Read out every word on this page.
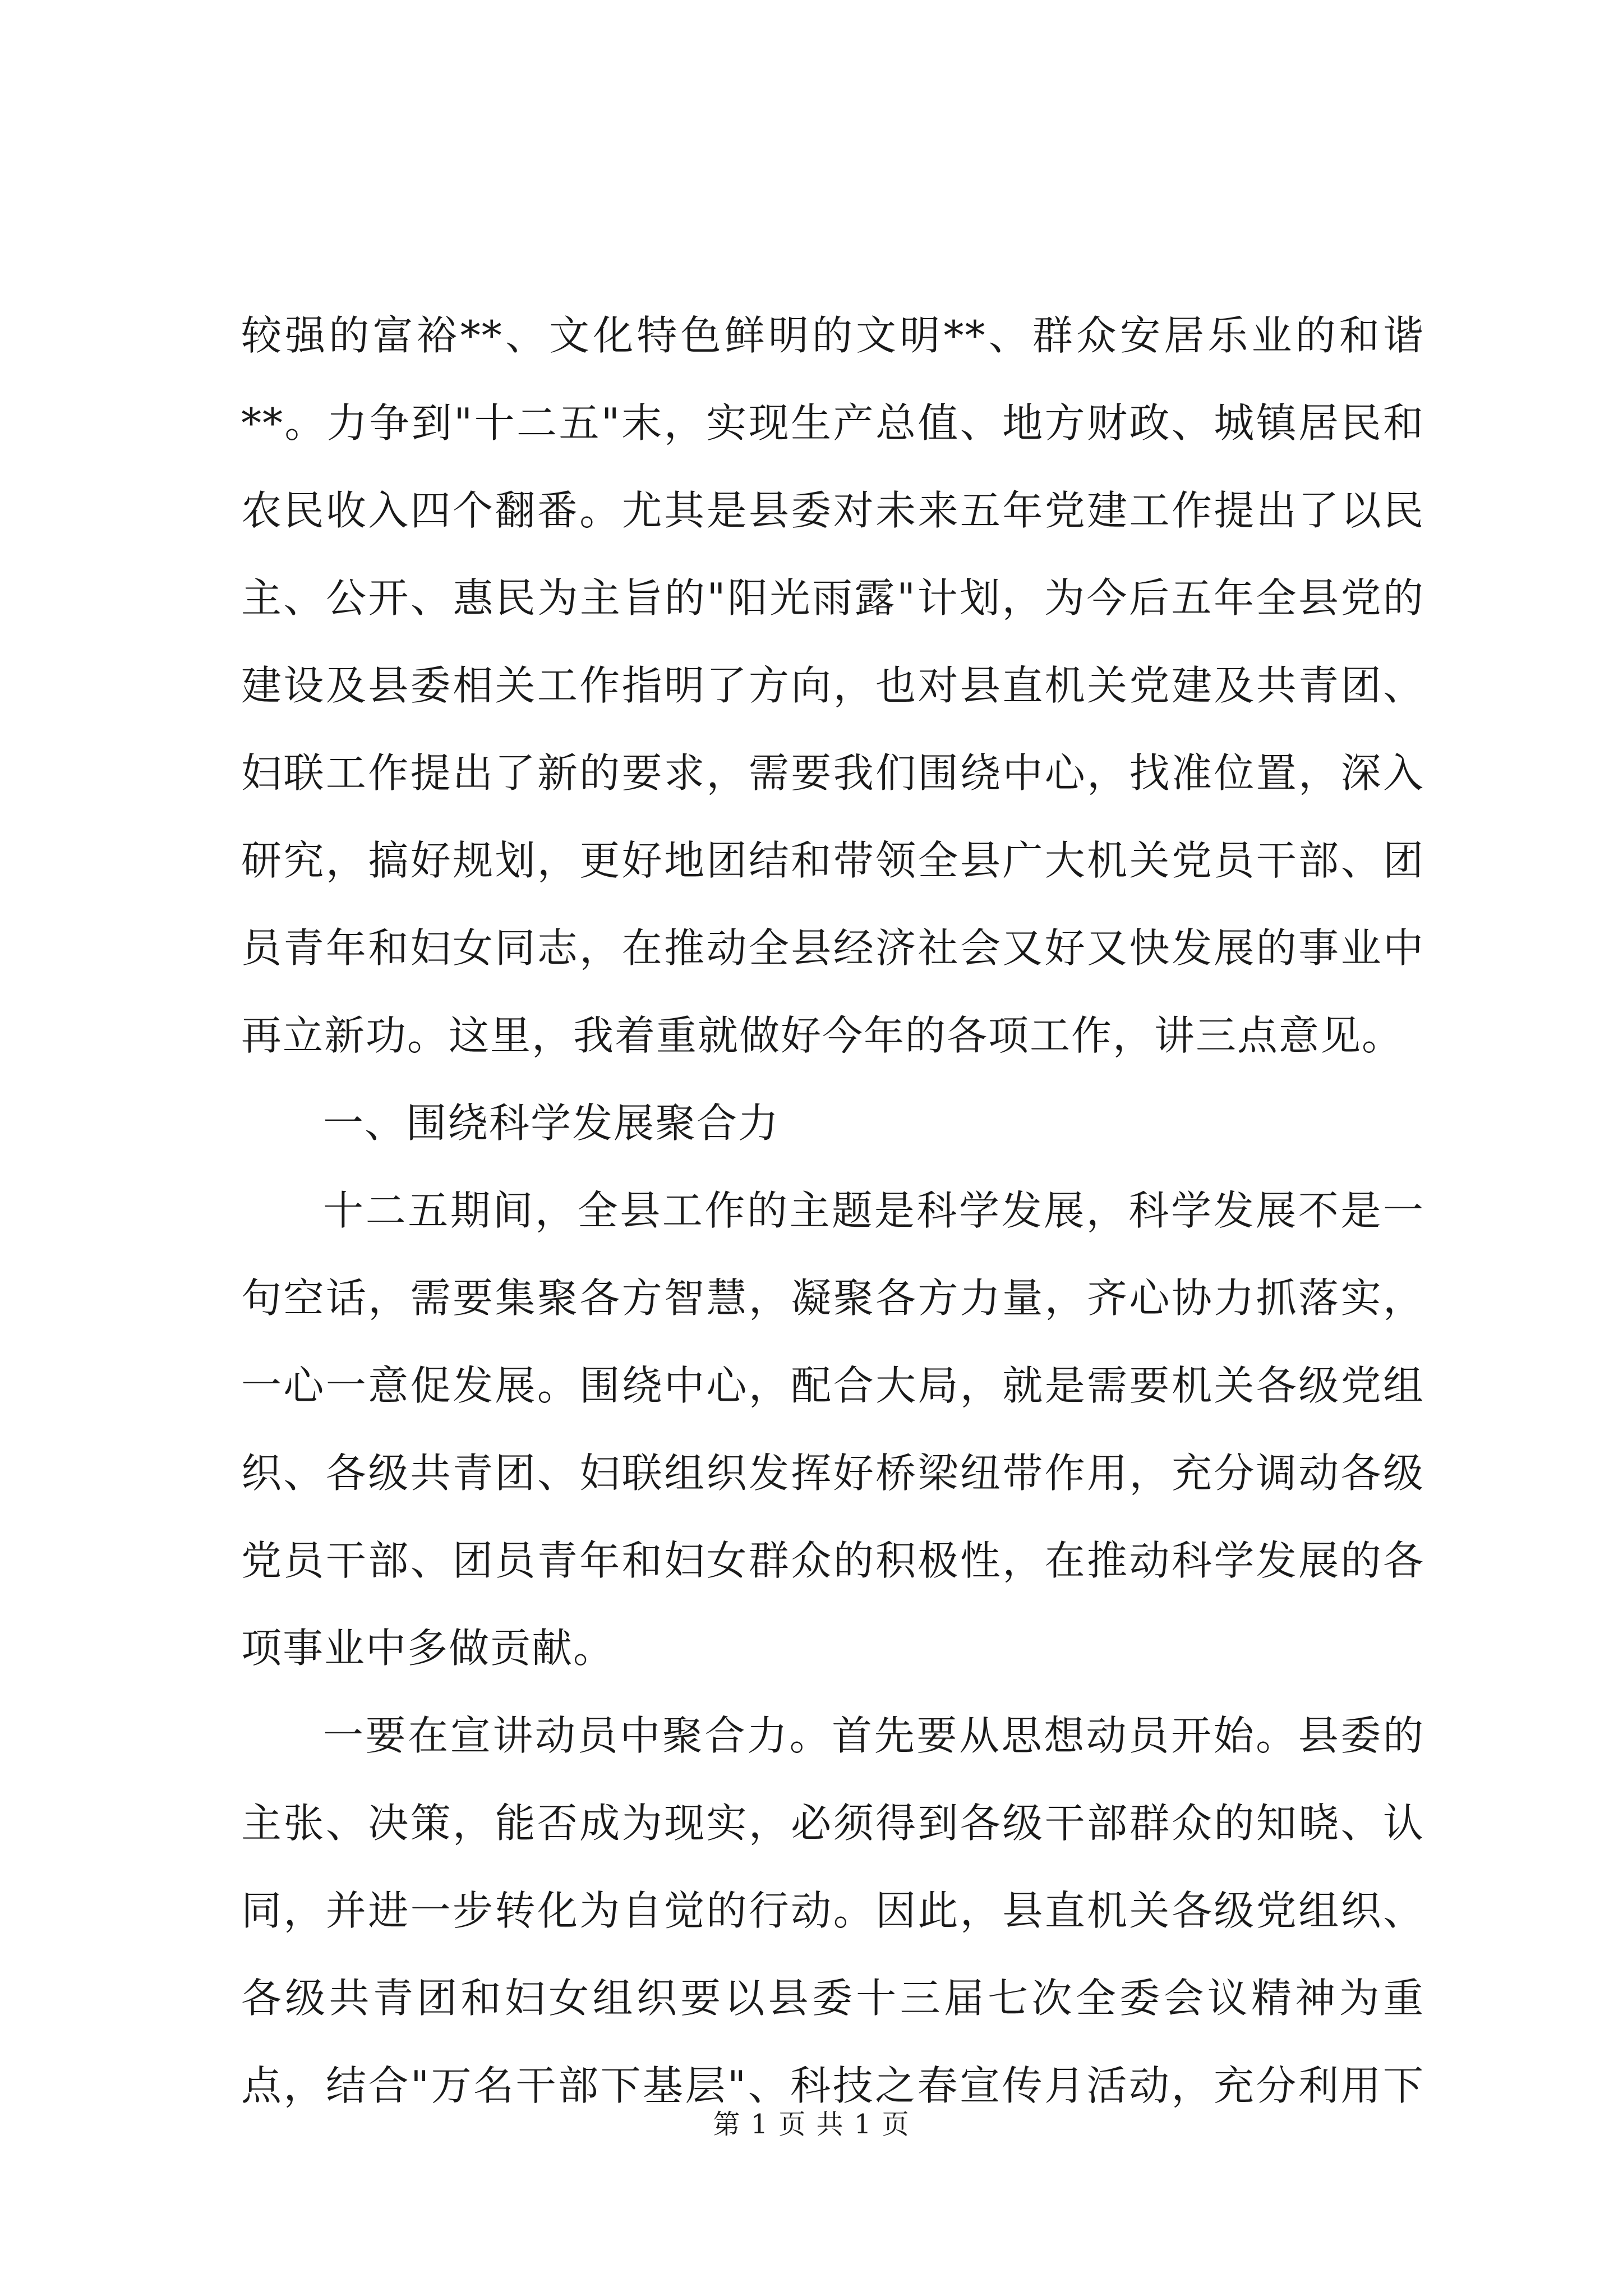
较强的富裕**、文化特色鲜明的文明**、群众安居乐业的和谐
**。力争到"十二五"末，实现生产总值、地方财政、城镇居民和
农民收入四个翻番。尤其是县委对未来五年党建工作提出了以民
主、公开、惠民为主旨的"阳光雨露"计划，为今后五年全县党的
建设及县委相关工作指明了方向，也对县直机关党建及共青团、
妇联工作提出了新的要求，需要我们围绕中心，找准位置，深入
研究，搞好规划，更好地团结和带领全县广大机关党员干部、团
员青年和妇女同志，在推动全县经济社会又好又快发展的事业中
再立新功。这里，我着重就做好今年的各项工作，讲三点意见。
一、围绕科学发展聚合力
十二五期间，全县工作的主题是科学发展，科学发展不是一
句空话，需要集聚各方智慧，凝聚各方力量，齐心协力抓落实，
一心一意促发展。围绕中心，配合大局，就是需要机关各级党组
织、各级共青团、妇联组织发挥好桥梁纽带作用，充分调动各级
党员干部、团员青年和妇女群众的积极性，在推动科学发展的各
项事业中多做贡献。
一要在宣讲动员中聚合力。首先要从思想动员开始。县委的
主张、决策，能否成为现实，必须得到各级干部群众的知晓、认
同，并进一步转化为自觉的行动。因此，县直机关各级党组织、
各级共青团和妇女组织要以县委十三届七次全委会议精神为重
点，结合"万名干部下基层"、科技之春宣传月活动，充分利用下
第 1 页 共 1 页
